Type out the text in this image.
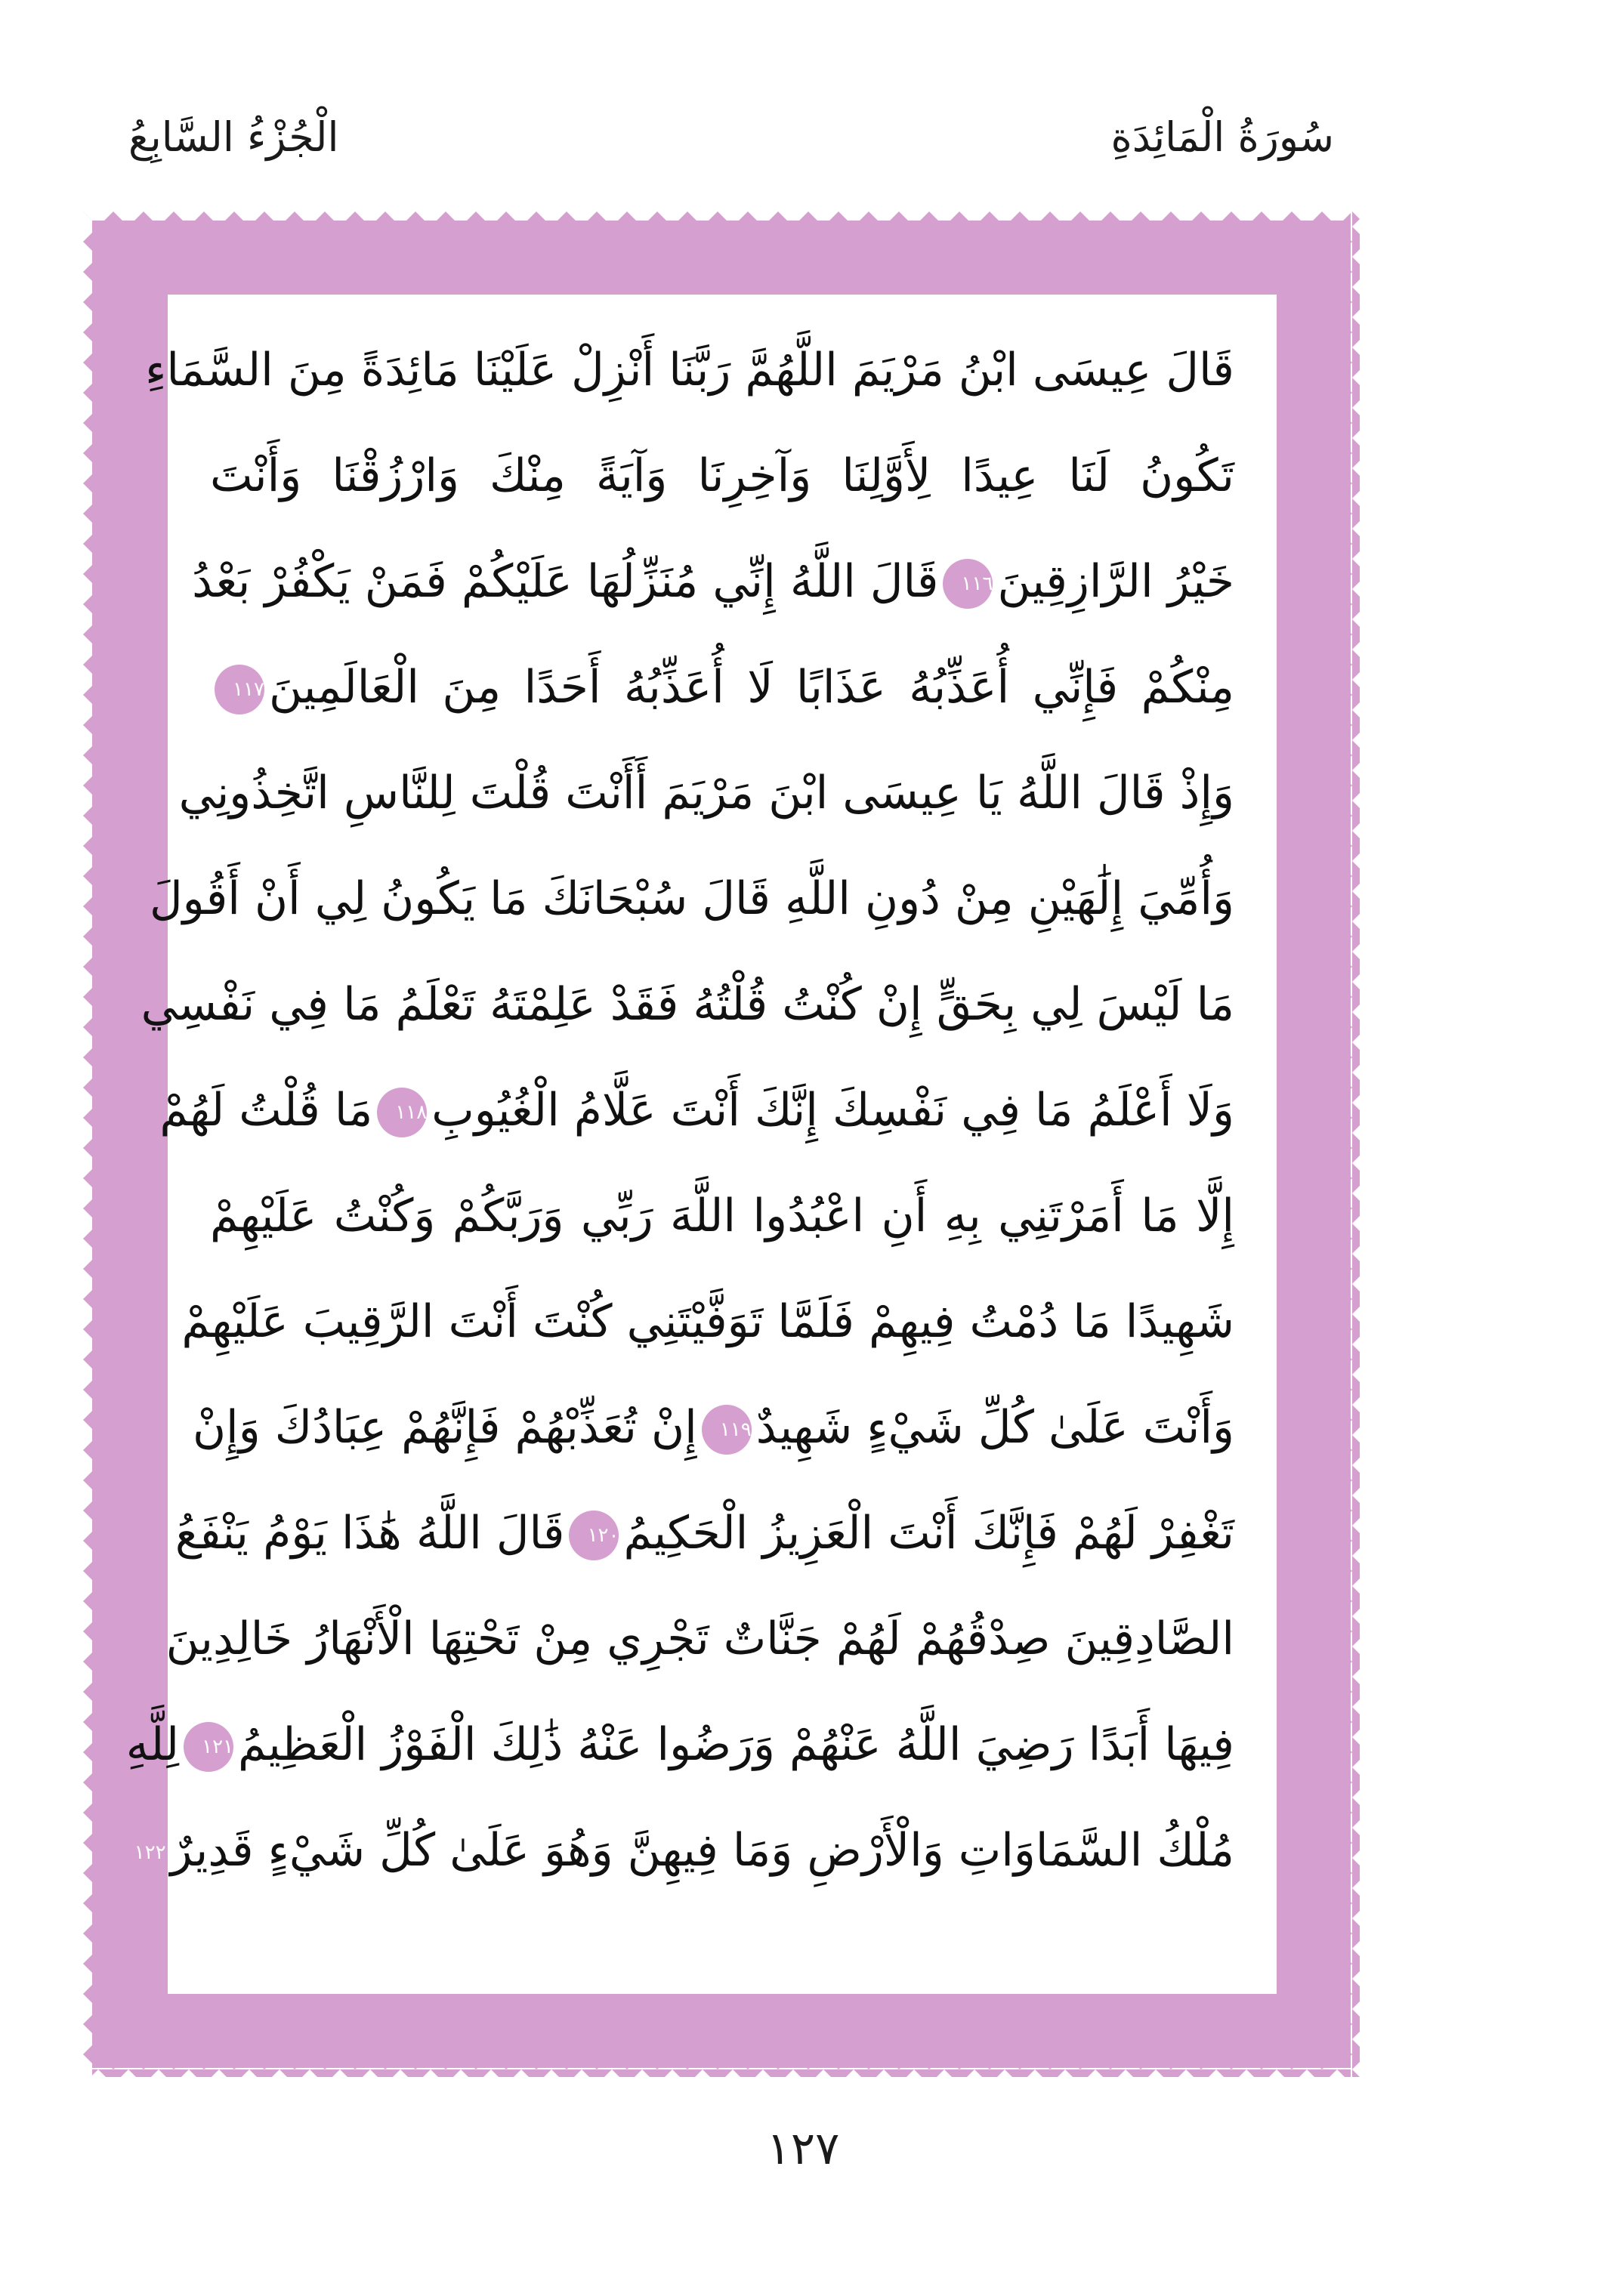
سُورَةُ الْمَائِدَةِ
الْجُزْءُ السَّابِعُ
قَالَ عِيسَى ابْنُ مَرْيَمَ اللَّهُمَّ رَبَّنَا أَنْزِلْ عَلَيْنَا مَائِدَةً مِنَ السَّمَاءِ
تَكُونُ لَنَا عِيدًا لِأَوَّلِنَا وَآخِرِنَا وَآيَةً مِنْكَ وَارْزُقْنَا وَأَنْتَ
خَيْرُ الرَّازِقِينَ١١٦قَالَ اللَّهُ إِنِّي مُنَزِّلُهَا عَلَيْكُمْ فَمَنْ يَكْفُرْ بَعْدُ
مِنْكُمْ فَإِنِّي أُعَذِّبُهُ عَذَابًا لَا أُعَذِّبُهُ أَحَدًا مِنَ الْعَالَمِينَ١١٧
وَإِذْ قَالَ اللَّهُ يَا عِيسَى ابْنَ مَرْيَمَ أَأَنْتَ قُلْتَ لِلنَّاسِ اتَّخِذُونِي
وَأُمِّيَ إِلَٰهَيْنِ مِنْ دُونِ اللَّهِ قَالَ سُبْحَانَكَ مَا يَكُونُ لِي أَنْ أَقُولَ
مَا لَيْسَ لِي بِحَقٍّ إِنْ كُنْتُ قُلْتُهُ فَقَدْ عَلِمْتَهُ تَعْلَمُ مَا فِي نَفْسِي
وَلَا أَعْلَمُ مَا فِي نَفْسِكَ إِنَّكَ أَنْتَ عَلَّامُ الْغُيُوبِ١١٨مَا قُلْتُ لَهُمْ
إِلَّا مَا أَمَرْتَنِي بِهِ أَنِ اعْبُدُوا اللَّهَ رَبِّي وَرَبَّكُمْ وَكُنْتُ عَلَيْهِمْ
شَهِيدًا مَا دُمْتُ فِيهِمْ فَلَمَّا تَوَفَّيْتَنِي كُنْتَ أَنْتَ الرَّقِيبَ عَلَيْهِمْ
وَأَنْتَ عَلَىٰ كُلِّ شَيْءٍ شَهِيدٌ١١٩إِنْ تُعَذِّبْهُمْ فَإِنَّهُمْ عِبَادُكَ وَإِنْ
تَغْفِرْ لَهُمْ فَإِنَّكَ أَنْتَ الْعَزِيزُ الْحَكِيمُ١٢٠قَالَ اللَّهُ هَٰذَا يَوْمُ يَنْفَعُ
الصَّادِقِينَ صِدْقُهُمْ لَهُمْ جَنَّاتٌ تَجْرِي مِنْ تَحْتِهَا الْأَنْهَارُ خَالِدِينَ
فِيهَا أَبَدًا رَضِيَ اللَّهُ عَنْهُمْ وَرَضُوا عَنْهُ ذَٰلِكَ الْفَوْزُ الْعَظِيمُ١٢١لِلَّهِ
مُلْكُ السَّمَاوَاتِ وَالْأَرْضِ وَمَا فِيهِنَّ وَهُوَ عَلَىٰ كُلِّ شَيْءٍ قَدِيرٌ١٢٢
١٢٧
